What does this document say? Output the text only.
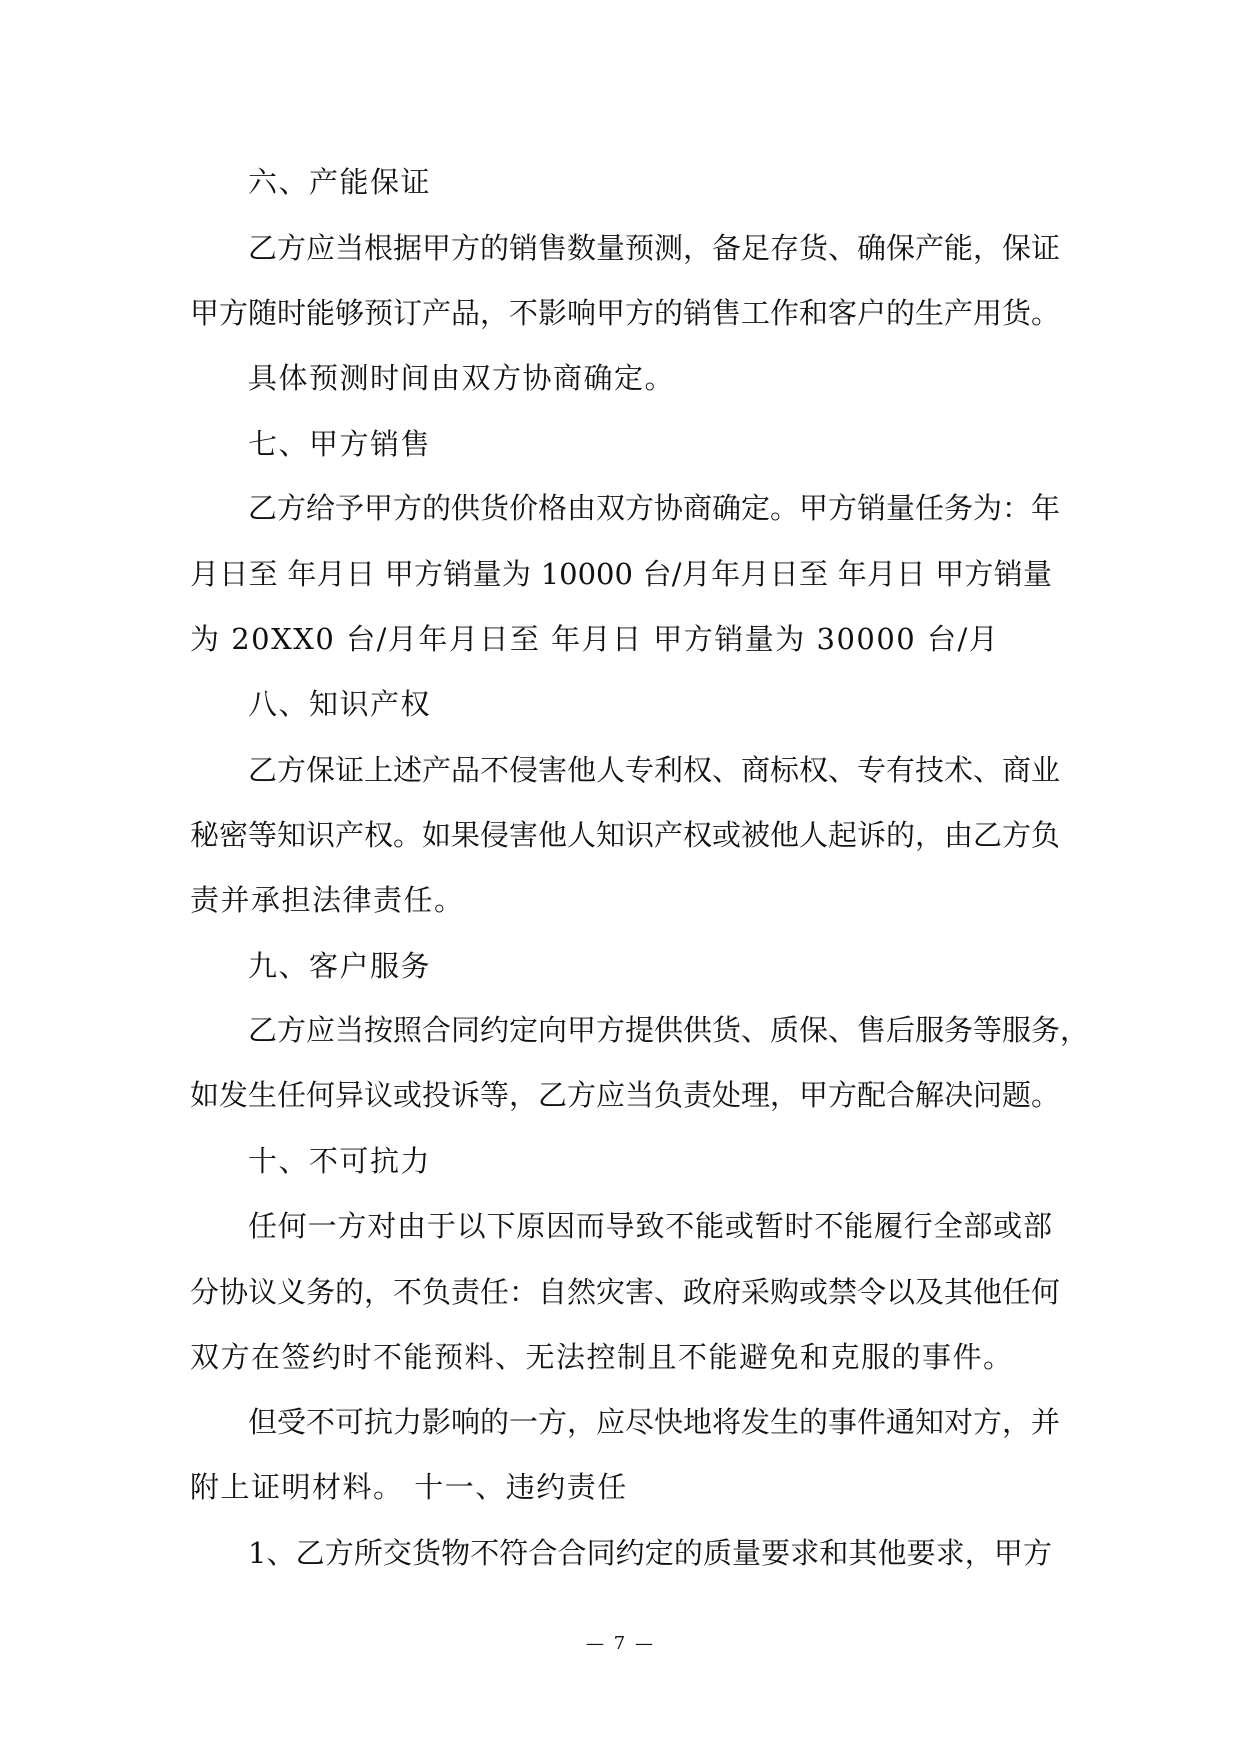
六、产能保证
乙方应当根据甲方的销售数量预测，备足存货、确保产能，保证
甲方随时能够预订产品，不影响甲方的销售工作和客户的生产用货。
具体预测时间由双方协商确定。
七、甲方销售
乙方给予甲方的供货价格由双方协商确定。甲方销量任务为：年
月日至 年月日 甲方销量为 10000 台/月年月日至 年月日 甲方销量
为 20XX0 台/月年月日至 年月日 甲方销量为 30000 台/月
八、知识产权
乙方保证上述产品不侵害他人专利权、商标权、专有技术、商业
秘密等知识产权。如果侵害他人知识产权或被他人起诉的，由乙方负
责并承担法律责任。
九、客户服务
乙方应当按照合同约定向甲方提供供货、质保、售后服务等服务，
如发生任何异议或投诉等，乙方应当负责处理，甲方配合解决问题。
十、不可抗力
任何一方对由于以下原因而导致不能或暂时不能履行全部或部
分协议义务的，不负责任：自然灾害、政府采购或禁令以及其他任何
双方在签约时不能预料、无法控制且不能避免和克服的事件。
但受不可抗力影响的一方，应尽快地将发生的事件通知对方，并
附上证明材料。 十一、违约责任
1、乙方所交货物不符合合同约定的质量要求和其他要求，甲方
— 7 —
